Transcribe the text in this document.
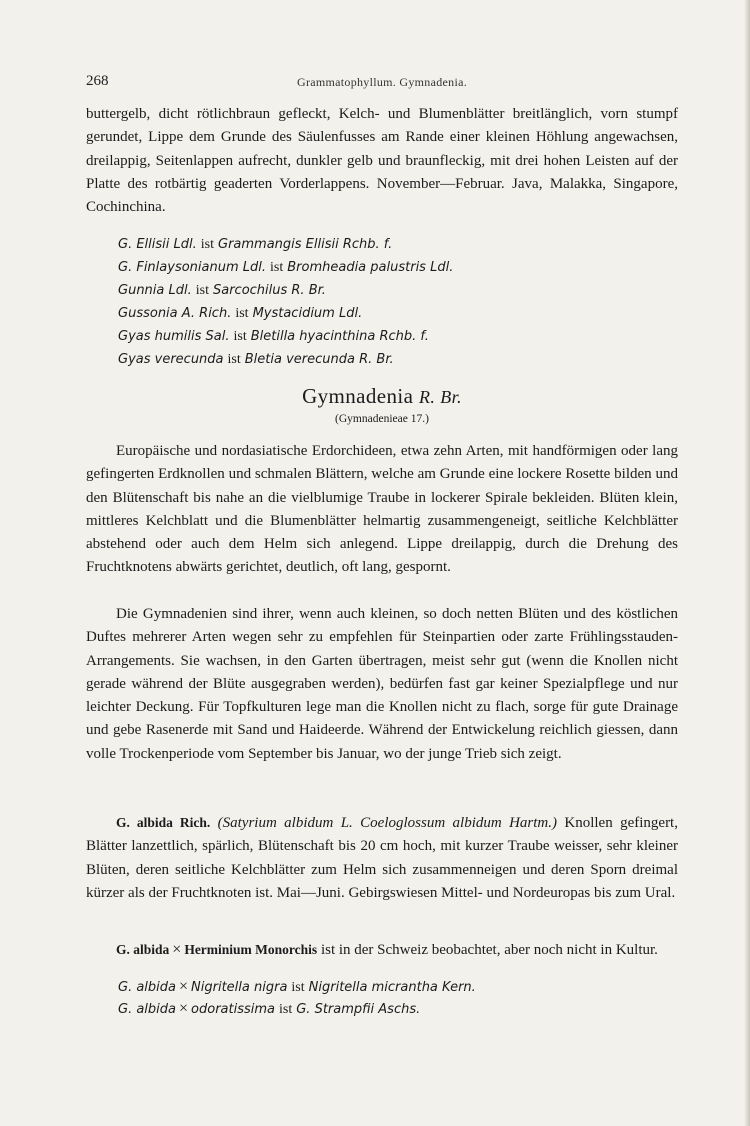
268	Grammatophyllum. Gymnadenia.
buttergelb, dicht rötlichbraun gefleckt, Kelch- und Blumenblätter breitlänglich, vorn stumpf gerundet, Lippe dem Grunde des Säulenfusses am Rande einer kleinen Höhlung angewachsen, dreilappig, Seitenlappen aufrecht, dunkler gelb und braunfleckig, mit drei hohen Leisten auf der Platte des rotbärtig geaderten Vorderlappens. November—Februar. Java, Malakka, Singapore, Cochinchina.
G. Ellisii Ldl. ist Grammangis Ellisii Rchb. f.
G. Finlaysonianum Ldl. ist Bromheadia palustris Ldl.
Gunnia Ldl. ist Sarcochilus R. Br.
Gussonia A. Rich. ist Mystacidium Ldl.
Gyas humilis Sal. ist Bletilla hyacinthina Rchb. f.
Gyas verecunda ist Bletia verecunda R. Br.
Gymnadenia R. Br.
(Gymnadenieae 17.)
Europäische und nordasiatische Erdorchideen, etwa zehn Arten, mit handförmigen oder lang gefingerten Erdknollen und schmalen Blättern, welche am Grunde eine lockere Rosette bilden und den Blütenschaft bis nahe an die vielblumige Traube in lockerer Spirale bekleiden. Blüten klein, mittleres Kelchblatt und die Blumenblätter helmartig zusammengeneigt, seitliche Kelchblätter abstehend oder auch dem Helm sich anlegend. Lippe dreilappig, durch die Drehung des Fruchtknotens abwärts gerichtet, deutlich, oft lang, gespornt.
Die Gymnadenien sind ihrer, wenn auch kleinen, so doch netten Blüten und des köstlichen Duftes mehrerer Arten wegen sehr zu empfehlen für Steinpartien oder zarte Frühlingsstauden-Arrangements. Sie wachsen, in den Garten übertragen, meist sehr gut (wenn die Knollen nicht gerade während der Blüte ausgegraben werden), bedürfen fast gar keiner Spezialpflege und nur leichter Deckung. Für Topfkulturen lege man die Knollen nicht zu flach, sorge für gute Drainage und gebe Rasenerde mit Sand und Haideerde. Während der Entwickelung reichlich giessen, dann volle Trockenperiode vom September bis Januar, wo der junge Trieb sich zeigt.
G. albida Rich. (Satyrium albidum L. Coeloglossum albidum Hartm.) Knollen gefingert, Blätter lanzettlich, spärlich, Blütenschaft bis 20 cm hoch, mit kurzer Traube weisser, sehr kleiner Blüten, deren seitliche Kelchblätter zum Helm sich zusammenneigen und deren Sporn dreimal kürzer als der Fruchtknoten ist. Mai—Juni. Gebirgswiesen Mittel- und Nordeuropas bis zum Ural.
G. albida × Herminium Monorchis ist in der Schweiz beobachtet, aber noch nicht in Kultur.
G. albida × Nigritella nigra ist Nigritella micrantha Kern.
G. albida × odoratissima ist G. Strampfii Aschs.
